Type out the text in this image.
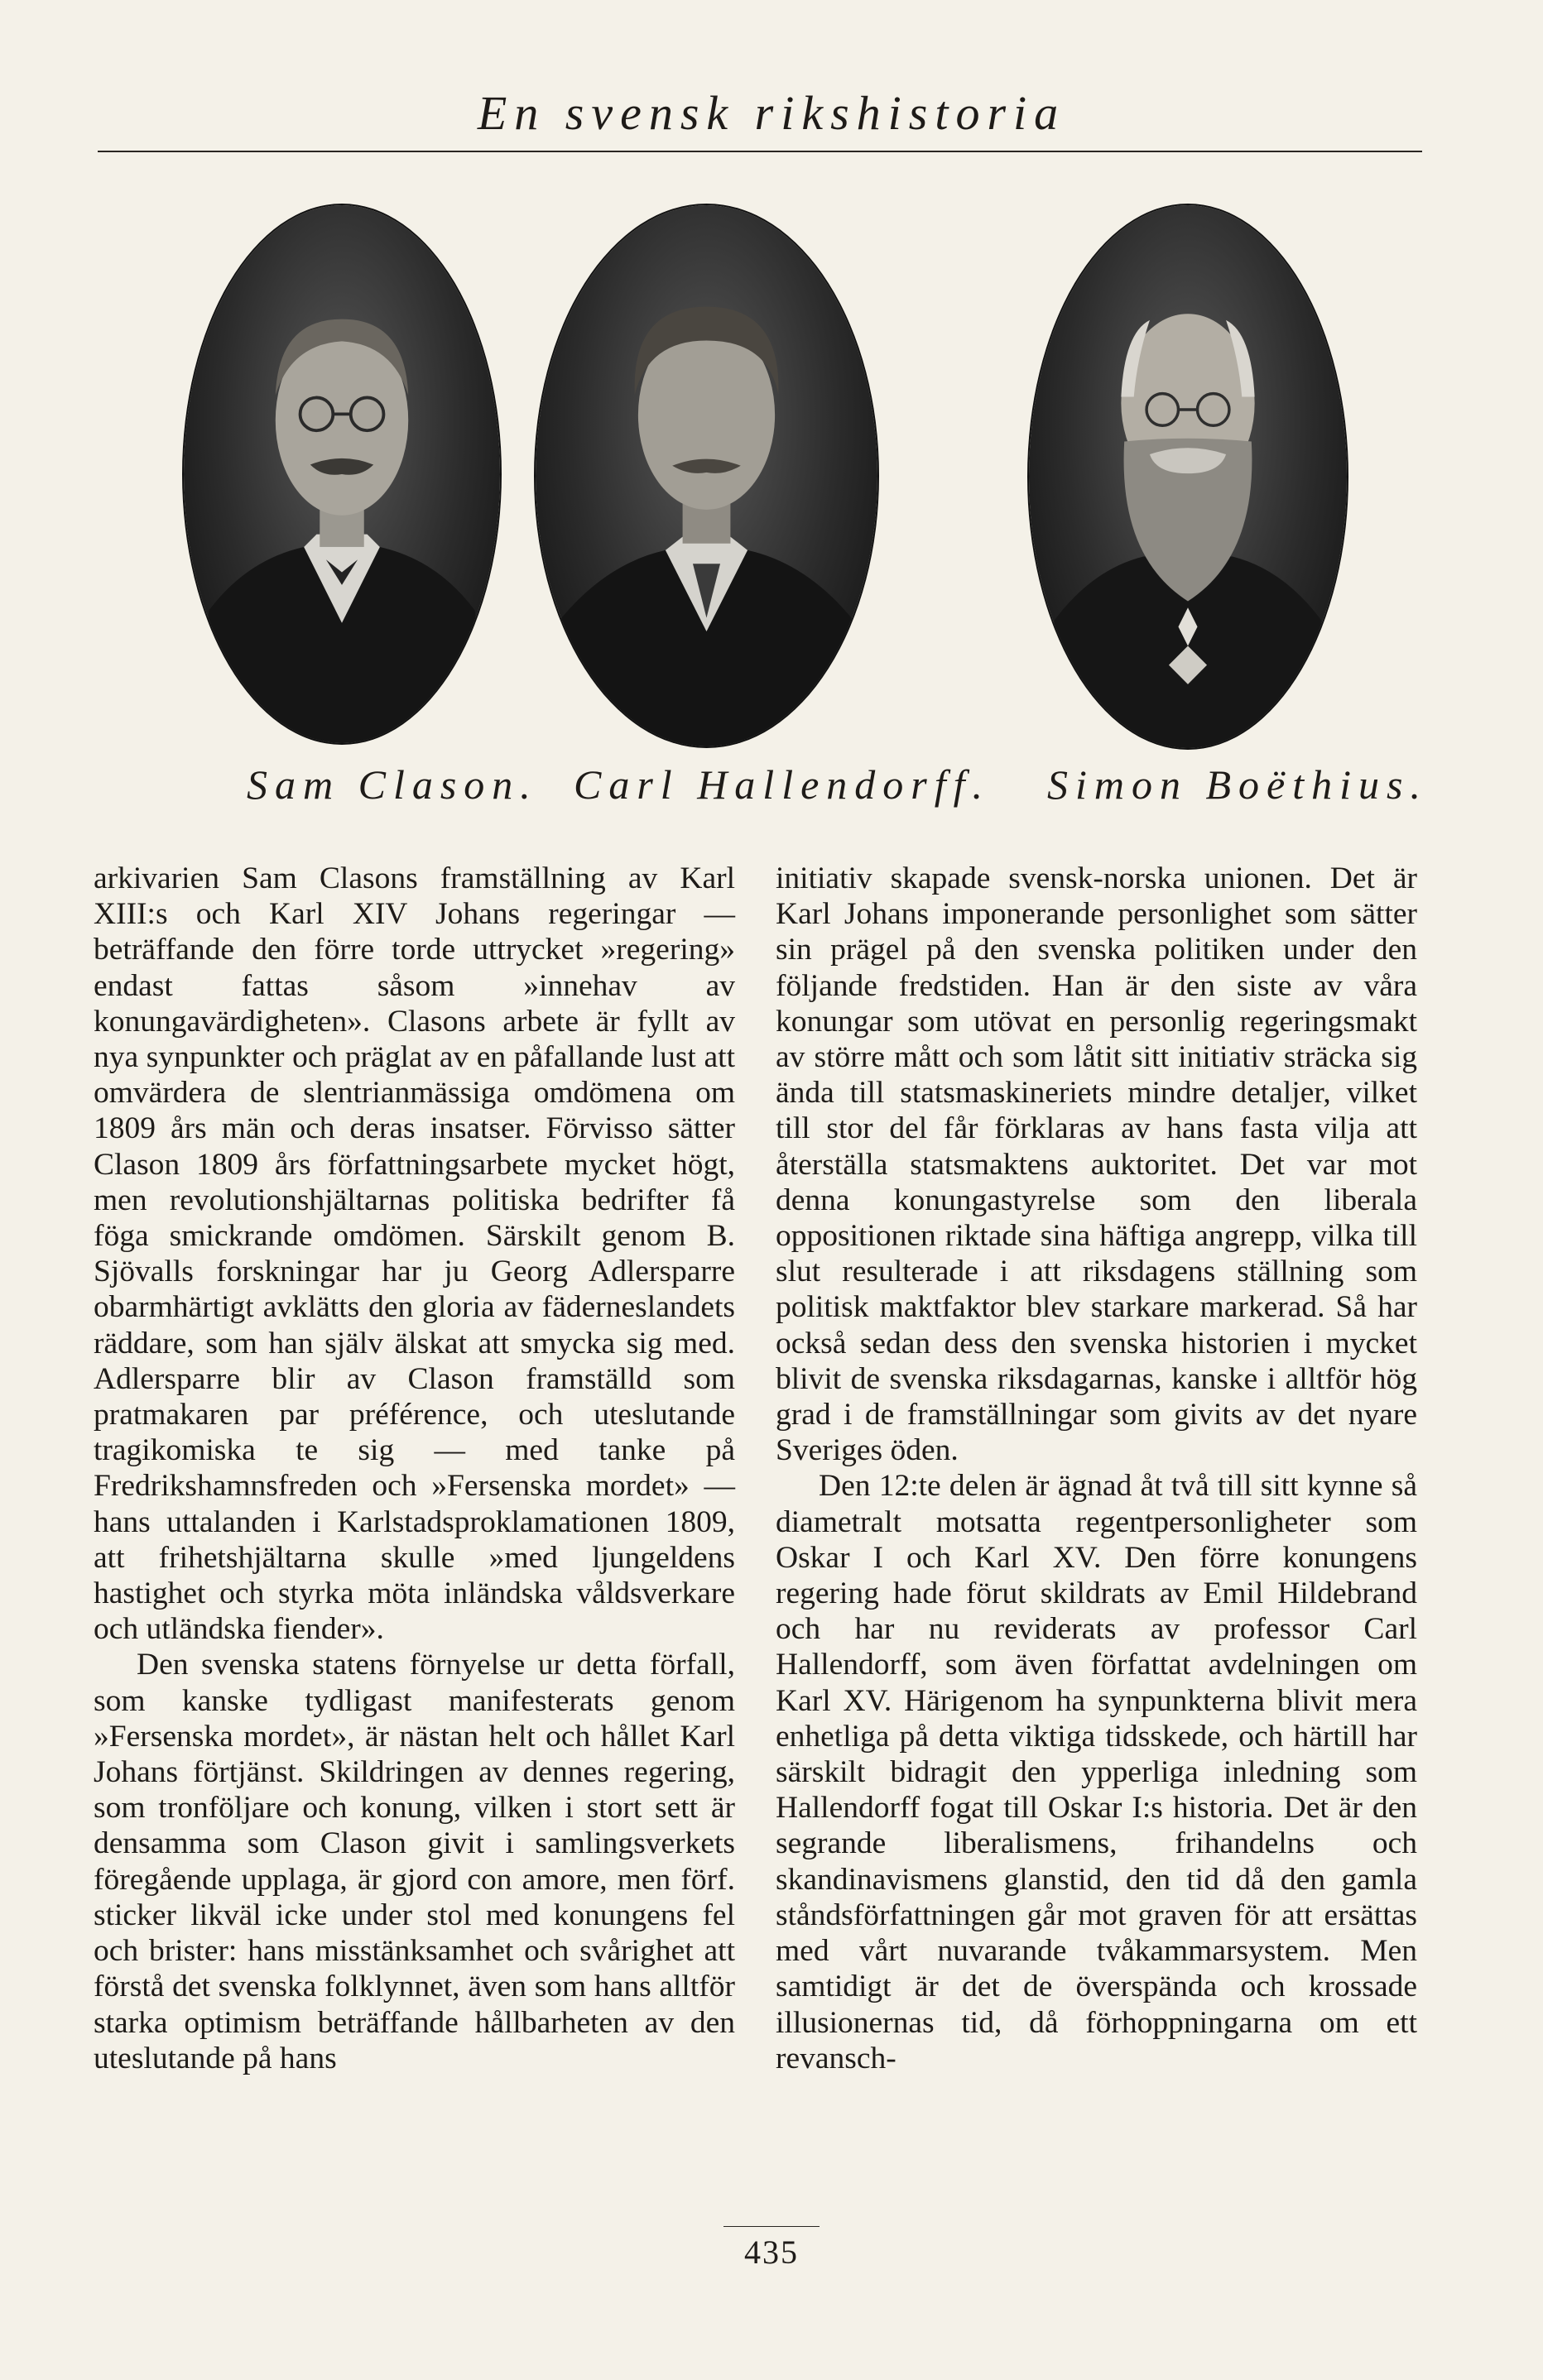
En svensk rikshistoria
Sam Clason. Carl Hallendorff. Simon Boëthius.

arkivarien Sam Clasons framställning av Karl XIII:s och Karl XIV Johans regeringar — beträffande den förre torde uttrycket »regering» endast fattas såsom »innehav av konungavärdigheten». Clasons arbete är fyllt av nya synpunkter och präglat av en påfallande lust att omvärdera de slentrianmässiga omdömena om 1809 års män och deras insatser. Förvisso sätter Clason 1809 års författningsarbete mycket högt, men revolutionshjältarnas politiska bedrifter få föga smickrande omdömen. Särskilt genom B. Sjövalls forskningar har ju Georg Adlersparre obarmhärtigt avklätts den gloria av fäderneslandets räddare, som han själv älskat att smycka sig med. Adlersparre blir av Clason framställd som pratmakaren par préférence, och uteslutande tragikomiska te sig — med tanke på Fredrikshamnsfreden och »Fersenska mordet» — hans uttalanden i Karlstadsproklamationen 1809, att frihetshjältarna skulle »med ljungeldens hastighet och styrka möta inländska våldsverkare och utländska fiender».

Den svenska statens förnyelse ur detta förfall, som kanske tydligast manifesterats genom »Fersenska mordet», är nästan helt och hållet Karl Johans förtjänst. Skildringen av dennes regering, som tronföljare och konung, vilken i stort sett är densamma som Clason givit i samlingsverkets föregående upplaga, är gjord con amore, men förf. sticker likväl icke under stol med konungens fel och brister: hans misstänksamhet och svårighet att förstå det svenska folklynnet, även som hans alltför starka optimism beträffande hållbarheten av den uteslutande på hans

initiativ skapade svensk-norska unionen. Det är Karl Johans imponerande personlighet som sätter sin prägel på den svenska politiken under den följande fredstiden. Han är den siste av våra konungar som utövat en personlig regeringsmakt av större mått och som låtit sitt initiativ sträcka sig ända till statsmaskineriets mindre detaljer, vilket till stor del får förklaras av hans fasta vilja att återställa statsmaktens auktoritet. Det var mot denna konungastyrelse som den liberala oppositionen riktade sina häftiga angrepp, vilka till slut resulterade i att riksdagens ställning som politisk maktfaktor blev starkare markerad. Så har också sedan dess den svenska historien i mycket blivit de svenska riksdagarnas, kanske i alltför hög grad i de framställningar som givits av det nyare Sveriges öden.

Den 12:te delen är ägnad åt två till sitt kynne så diametralt motsatta regentpersonligheter som Oskar I och Karl XV. Den förre konungens regering hade förut skildrats av Emil Hildebrand och har nu reviderats av professor Carl Hallendorff, som även författat avdelningen om Karl XV. Härigenom ha synpunkterna blivit mera enhetliga på detta viktiga tidsskede, och härtill har särskilt bidragit den ypperliga inledning som Hallendorff fogat till Oskar I:s historia. Det är den segrande liberalismens, frihandelns och skandinavismens glanstid, den tid då den gamla ståndsförfattningen går mot graven för att ersättas med vårt nuvarande tvåkammarsystem. Men samtidigt är det de överspända och krossade illusionernas tid, då förhoppningarna om ett revansch-

435
